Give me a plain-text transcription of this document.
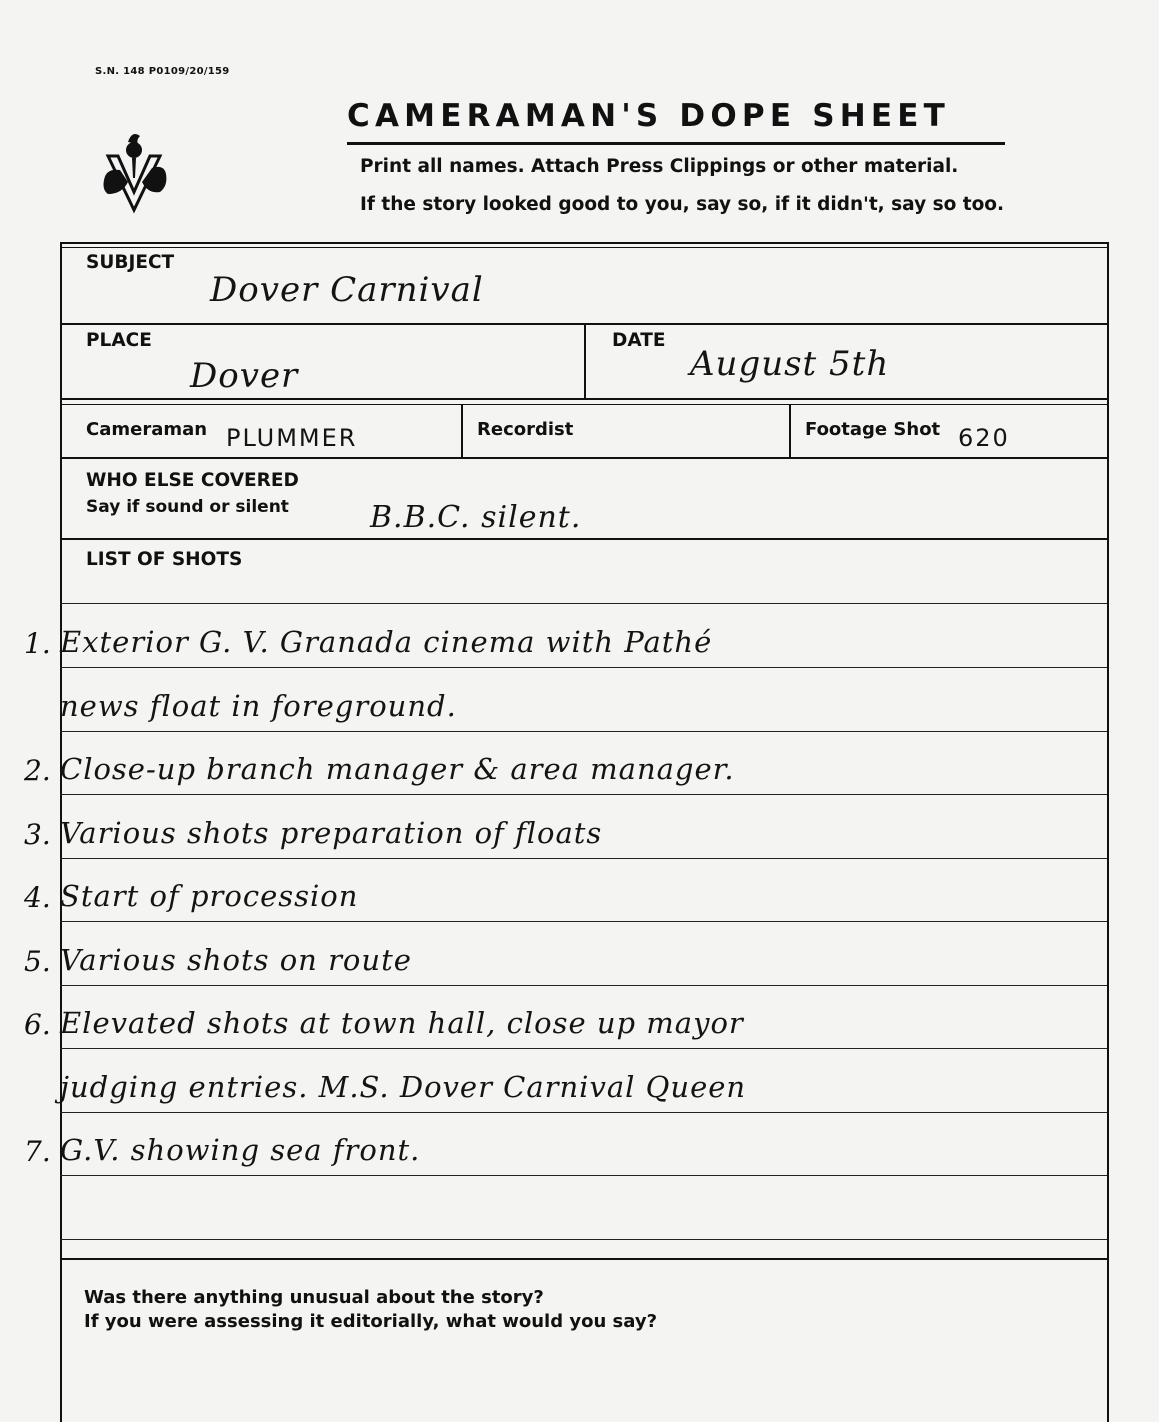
S.N. 148 P0109/20/159
CAMERAMAN'S DOPE SHEET
Print all names. Attach Press Clippings or other material.
If the story looked good to you, say so, if it didn't, say so too.
SUBJECT
Dover Carnival
PLACE
Dover
DATE
August 5th
Cameraman PLUMMER	Recordist	Footage Shot 620
WHO ELSE COVERED
Say if sound or silent	B.B.C. silent.
LIST OF SHOTS
1. Exterior G. V. Granada cinema with Pathé
news float in foreground.
2. Close-up branch manager & area manager.
3. Various shots preparation of floats
4. Start of procession
5. Various shots on route
6. Elevated shots at town hall, close up mayor
judging entries. M.S. Dover Carnival Queen
7. G.V. showing sea front.
Was there anything unusual about the story?
If you were assessing it editorially, what would you say?
